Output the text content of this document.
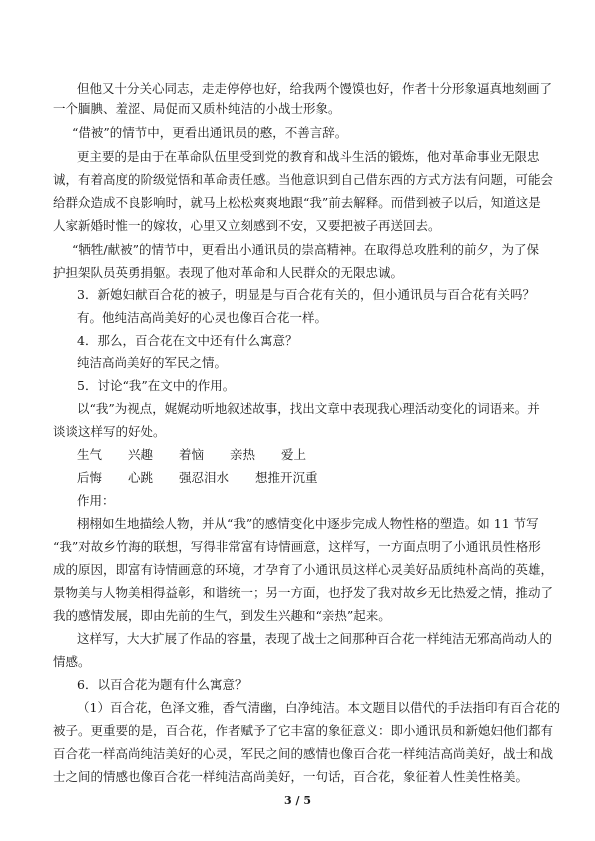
但他又十分关心同志，走走停停也好，给我两个馒馍也好，作者十分形象逼真地刻画了
一个腼腆、羞涩、局促而又质朴纯洁的小战士形象。
“借被”的情节中，更看出通讯员的憨，不善言辞。
更主要的是由于在革命队伍里受到党的教育和战斗生活的锻炼，他对革命事业无限忠
诚，有着高度的阶级觉悟和革命责任感。当他意识到自己借东西的方式方法有问题，可能会
给群众造成不良影响时，就马上松松爽爽地跟“我”前去解释。而借到被子以后，知道这是
人家新婚时惟一的嫁妆，心里又立刻感到不安，又要把被子再送回去。
“牺牲/献被”的情节中，更看出小通讯员的崇高精神。在取得总攻胜利的前夕，为了保
护担架队员英勇捐躯。表现了他对革命和人民群众的无限忠诚。
3．新媳妇献百合花的被子，明显是与百合花有关的，但小通讯员与百合花有关吗？
有。他纯洁高尚美好的心灵也像百合花一样。
4．那么，百合花在文中还有什么寓意？
纯洁高尚美好的军民之情。
5．讨论“我”在文中的作用。
以“我”为视点，娓娓动听地叙述故事，找出文章中表现我心理活动变化的词语来。并
谈谈这样写的好处。
生气 兴趣 着恼 亲热 爱上
后悔 心跳 强忍泪水 想推开沉重
作用：
栩栩如生地描绘人物，并从“我”的感情变化中逐步完成人物性格的塑造。如 11 节写
“我”对故乡竹海的联想，写得非常富有诗情画意，这样写，一方面点明了小通讯员性格形
成的原因，即富有诗情画意的环境，才孕育了小通讯员这样心灵美好品质纯朴高尚的英雄，
景物美与人物美相得益彰，和谐统一；另一方面，也抒发了我对故乡无比热爱之情，推动了
我的感情发展，即由先前的生气，到发生兴趣和“亲热”起来。
这样写，大大扩展了作品的容量，表现了战士之间那种百合花一样纯洁无邪高尚动人的
情感。
6．以百合花为题有什么寓意？
（1）百合花，色泽文雅，香气清幽，白净纯洁。本文题目以借代的手法指印有百合花的
被子。更重要的是，百合花，作者赋予了它丰富的象征意义：即小通讯员和新媳妇他们都有
百合花一样高尚纯洁美好的心灵，军民之间的感情也像百合花一样纯洁高尚美好，战士和战
士之间的情感也像百合花一样纯洁高尚美好，一句话，百合花，象征着人性美性格美。
3 / 5
